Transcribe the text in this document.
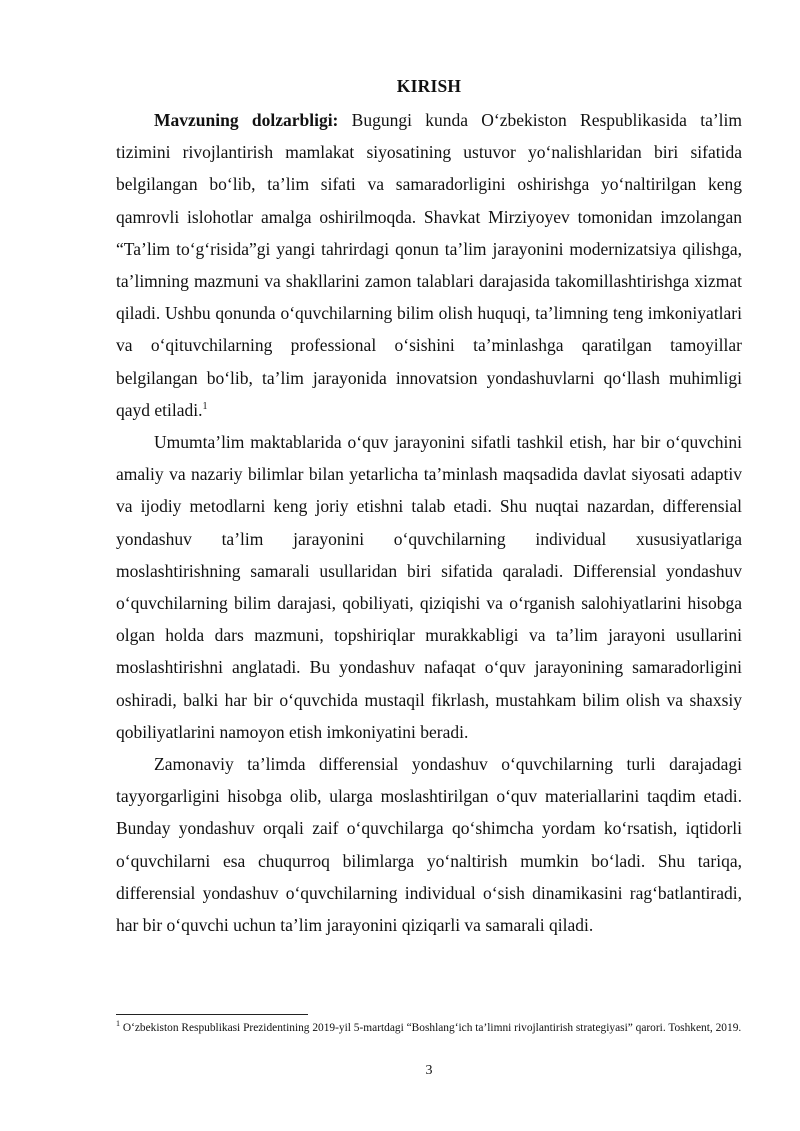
KIRISH

Mavzuning dolzarbligi: Bugungi kunda O‘zbekiston Respublikasida ta’lim tizimini rivojlantirish mamlakat siyosatining ustuvor yo‘nalishlaridan biri sifatida belgilangan bo‘lib, ta’lim sifati va samaradorligini oshirishga yo‘naltirilgan keng qamrovli islohotlar amalga oshirilmoqda. Shavkat Mirziyoyev tomonidan imzolangan “Ta’lim to‘g‘risida”gi yangi tahrirdagi qonun ta’lim jarayonini modernizatsiya qilishga, ta’limning mazmuni va shakllarini zamon talablari darajasida takomillashtirishga xizmat qiladi. Ushbu qonunda o‘quvchilarning bilim olish huquqi, ta’limning teng imkoniyatlari va o‘qituvchilarning professional o‘sishini ta’minlashga qaratilgan tamoyillar belgilangan bo‘lib, ta’lim jarayonida innovatsion yondashuvlarni qo‘llash muhimligi qayd etiladi.$^1$

Umumta’lim maktablarida o‘quv jarayonini sifatli tashkil etish, har bir o‘quvchini amaliy va nazariy bilimlar bilan yetarlicha ta’minlash maqsadida davlat siyosati adaptiv va ijodiy metodlarni keng joriy etishni talab etadi. Shu nuqtai nazardan, differensial yondashuv ta’lim jarayonini o‘quvchilarning individual xususiyatlariga moslashtirishning samarali usullaridan biri sifatida qaraladi. Differensial yondashuv o‘quvchilarning bilim darajasi, qobiliyati, qiziqishi va o‘rganish salohiyatlarini hisobga olgan holda dars mazmuni, topshiriqlar murakkabligi va ta’lim jarayoni usullarini moslashtirishni anglatadi. Bu yondashuv nafaqat o‘quv jarayonining samaradorligini oshiradi, balki har bir o‘quvchida mustaqil fikrlash, mustahkam bilim olish va shaxsiy qobiliyatlarini namoyon etish imkoniyatini beradi.

Zamonaviy ta’limda differensial yondashuv o‘quvchilarning turli darajadagi tayyorgarligini hisobga olib, ularga moslashtirilgan o‘quv materiallarini taqdim etadi. Bunday yondashuv orqali zaif o‘quvchilarga qo‘shimcha yordam ko‘rsatish, iqtidorli o‘quvchilarni esa chuqurroq bilimlarga yo‘naltirish mumkin bo‘ladi. Shu tariqa, differensial yondashuv o‘quvchilarning individual o‘sish dinamikasini rag‘batlantiradi, har bir o‘quvchi uchun ta’lim jarayonini qiziqarli va samarali qiladi.

$^1$ O‘zbekiston Respublikasi Prezidentining 2019-yil 5-martdagi “Boshlang‘ich ta’limni rivojlantirish strategiyasi” qarori. Toshkent, 2019.
3
